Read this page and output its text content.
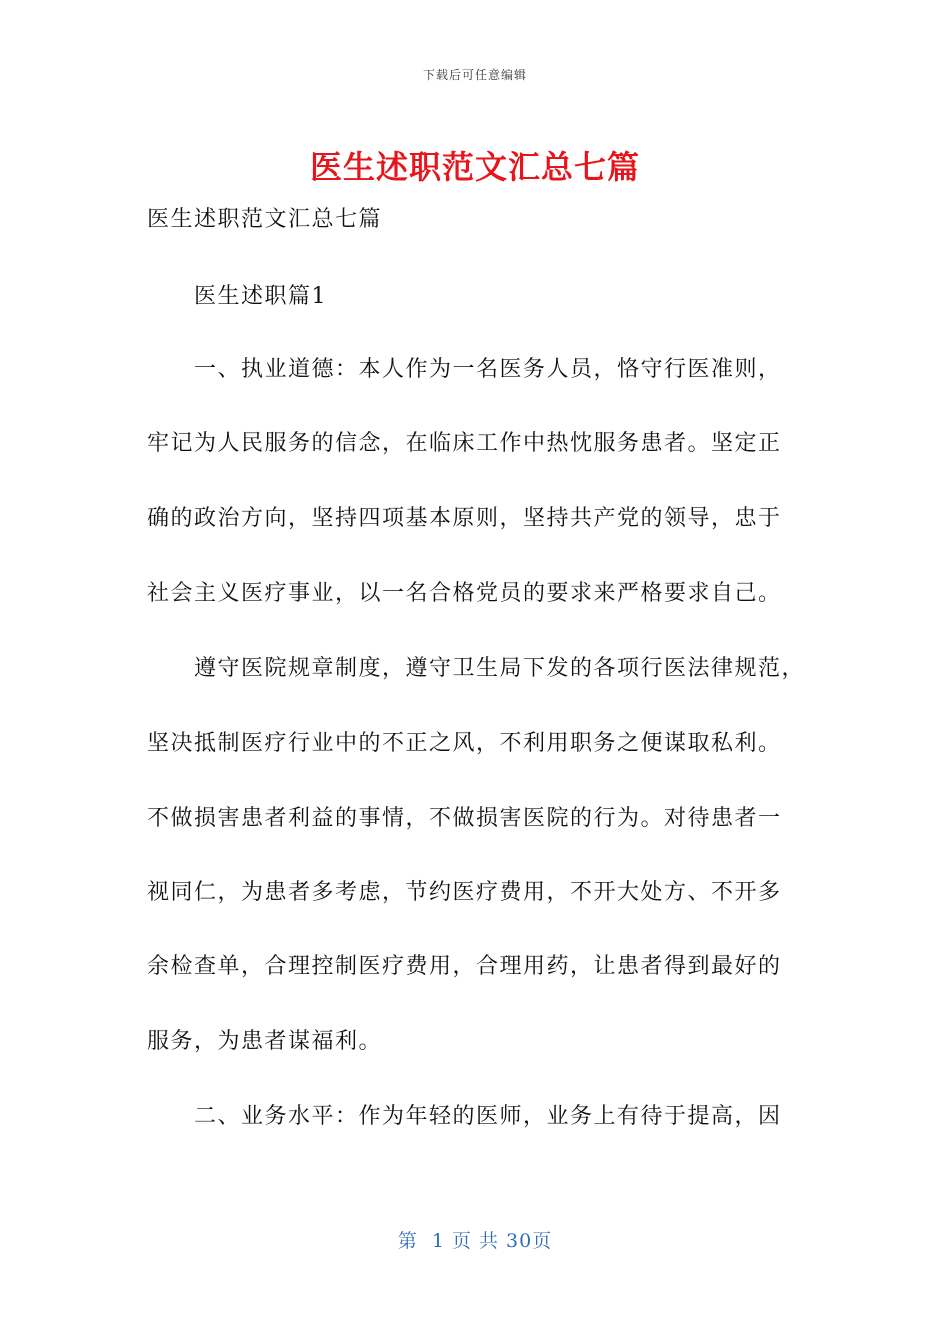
下载后可任意编辑
医生述职范文汇总七篇

医生述职范文汇总七篇

医生述职篇1

一、执业道德：本人作为一名医务人员，恪守行医准则，

牢记为人民服务的信念，在临床工作中热忱服务患者。坚定正

确的政治方向，坚持四项基本原则，坚持共产党的领导，忠于

社会主义医疗事业，以一名合格党员的要求来严格要求自己。

遵守医院规章制度，遵守卫生局下发的各项行医法律规范，

坚决抵制医疗行业中的不正之风，不利用职务之便谋取私利。

不做损害患者利益的事情，不做损害医院的行为。对待患者一

视同仁，为患者多考虑，节约医疗费用，不开大处方、不开多

余检查单，合理控制医疗费用，合理用药，让患者得到最好的

服务，为患者谋福利。

二、业务水平：作为年轻的医师，业务上有待于提高，因

第  1 页 共 30页
